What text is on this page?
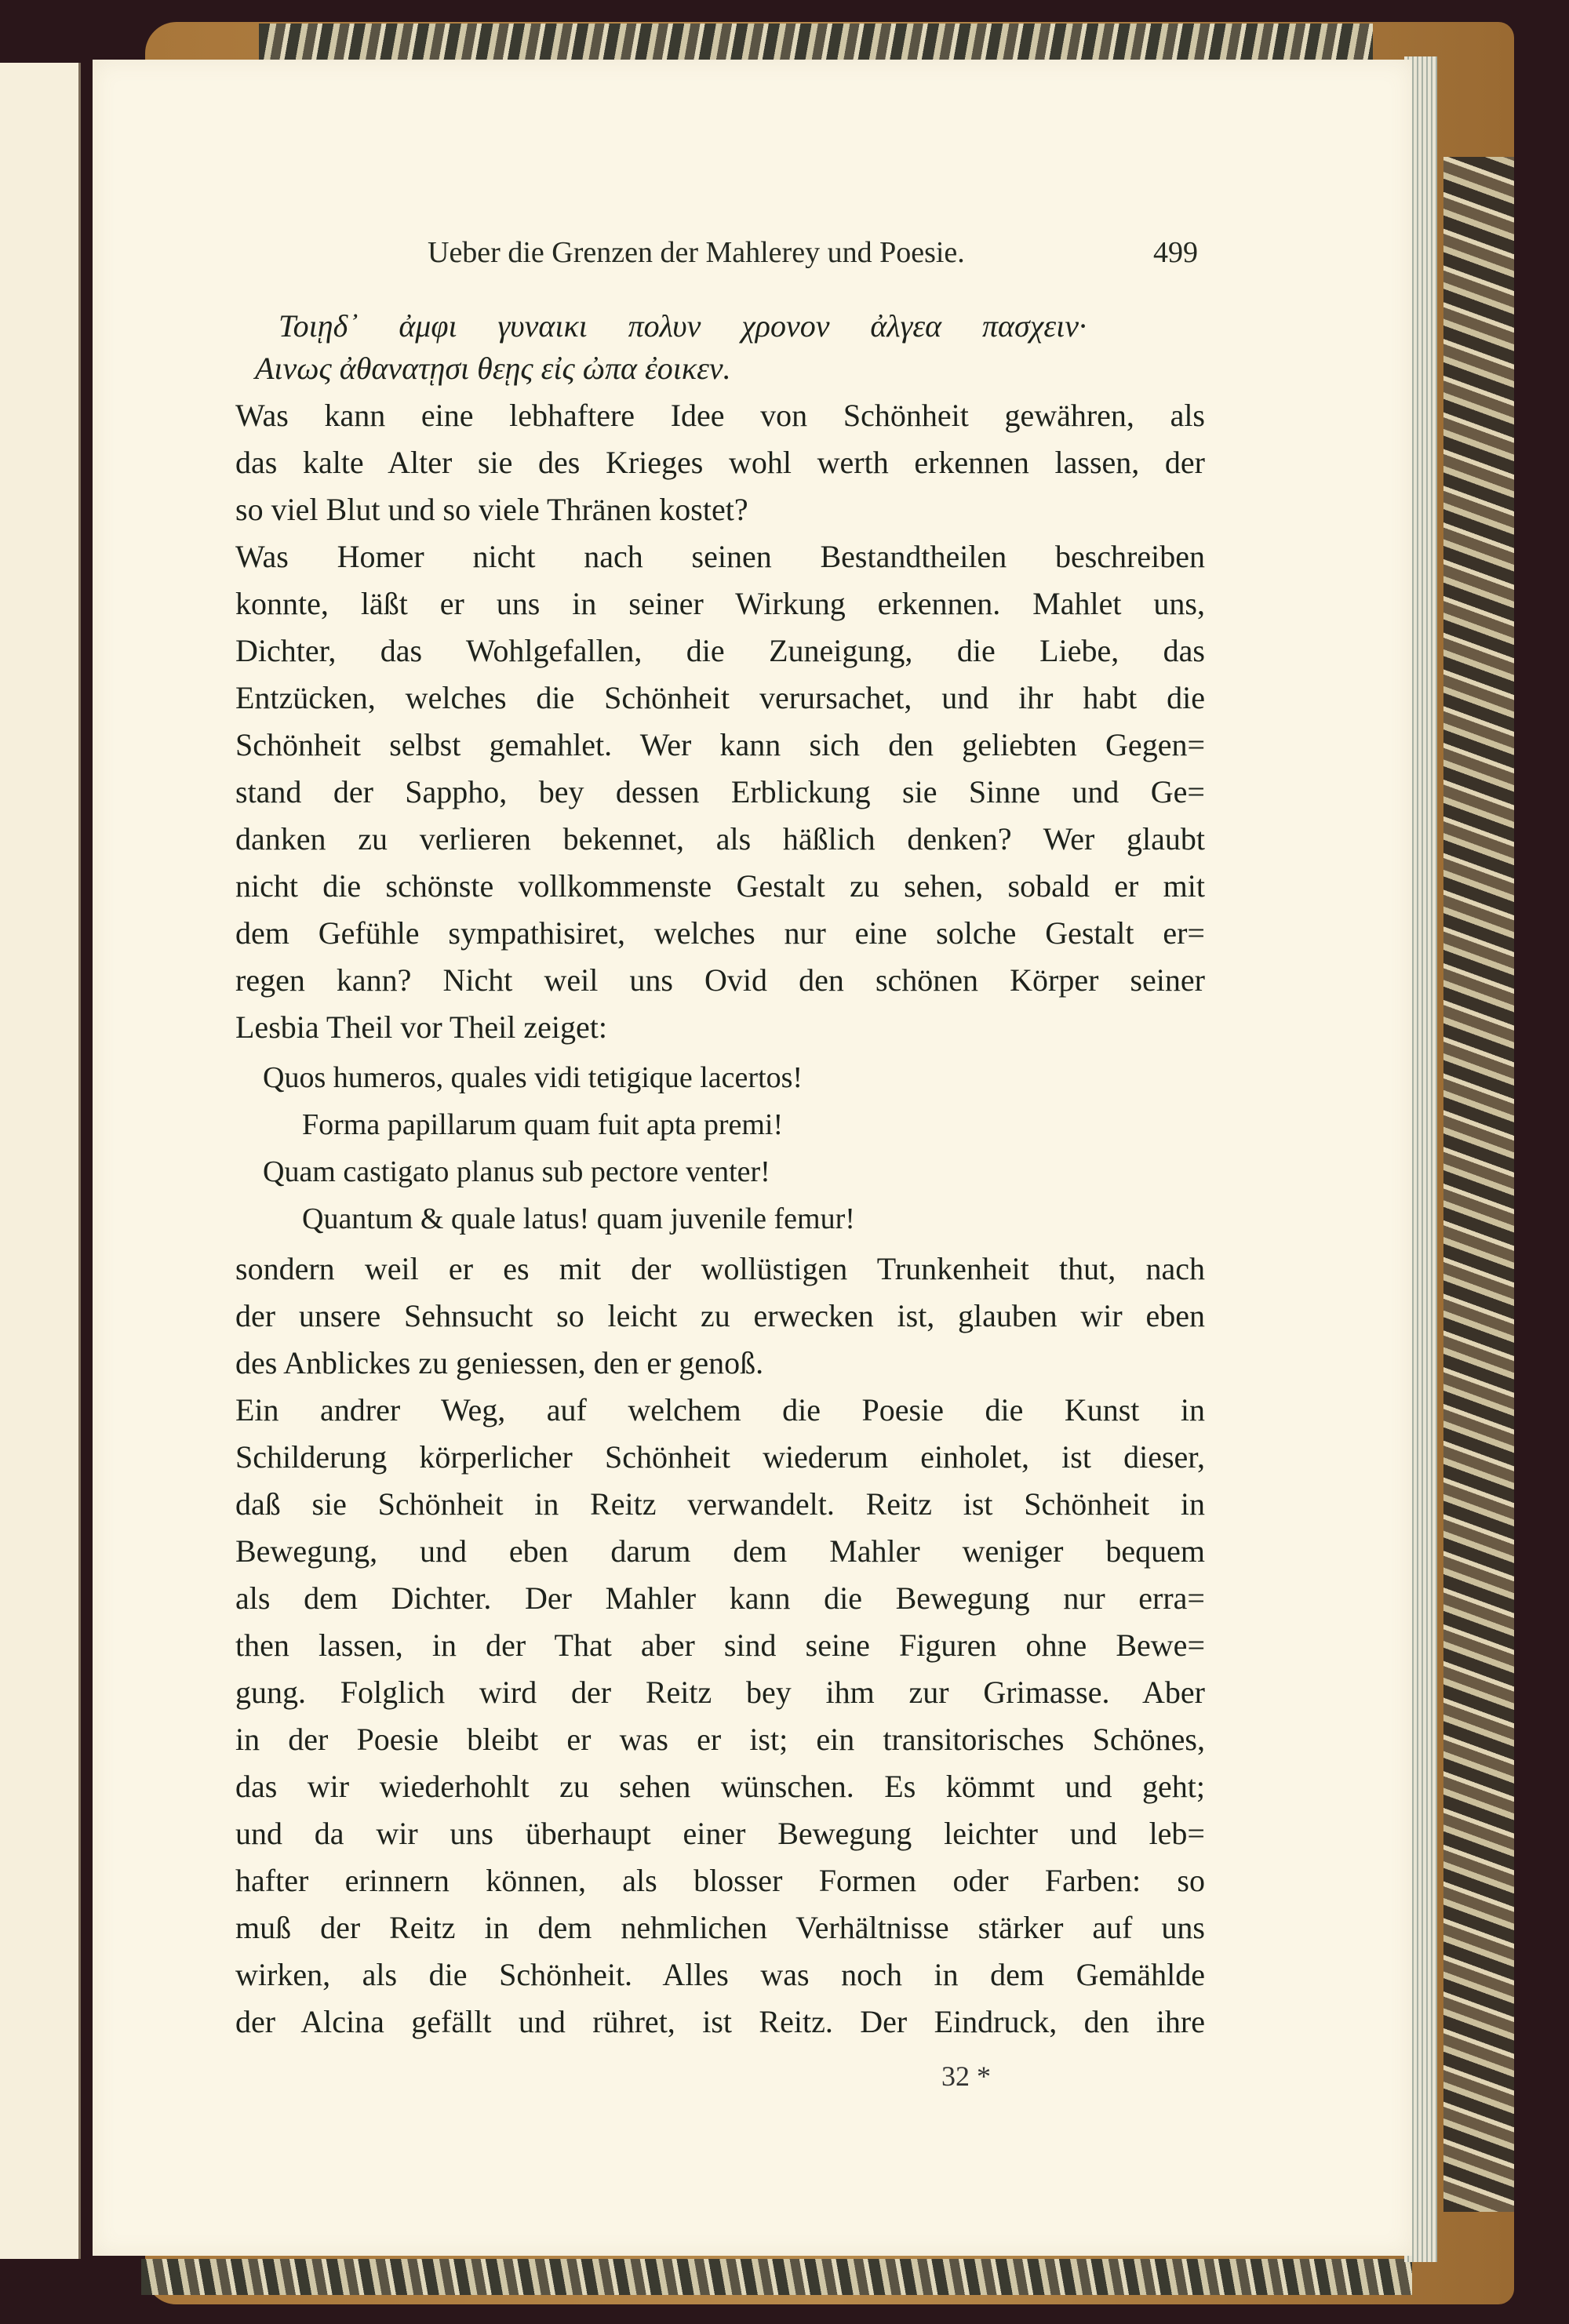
Ueber die Grenzen der Mahlerey und Poesie.	499
Τοιῃδ᾽ ἀμφι γυναικι πολυν χρονον ἀλγεα πασχειν·
Αινως ἀθανατῃσι θεῃς εἰς ὠπα ἐοικεν.
Was kann eine lebhaftere Idee von Schönheit gewähren, als
das kalte Alter sie des Krieges wohl werth erkennen lassen, der
so viel Blut und so viele Thränen kostet?
Was Homer nicht nach seinen Bestandtheilen beschreiben
konnte, läßt er uns in seiner Wirkung erkennen. Mahlet uns,
Dichter, das Wohlgefallen, die Zuneigung, die Liebe, das
Entzücken, welches die Schönheit verursachet, und ihr habt die
Schönheit selbst gemahlet. Wer kann sich den geliebten Gegen=
stand der Sappho, bey dessen Erblickung sie Sinne und Ge=
danken zu verlieren bekennet, als häßlich denken? Wer glaubt
nicht die schönste vollkommenste Gestalt zu sehen, sobald er mit
dem Gefühle sympathisiret, welches nur eine solche Gestalt er=
regen kann? Nicht weil uns Ovid den schönen Körper seiner
Lesbia Theil vor Theil zeiget:
Quos humeros, quales vidi tetigique lacertos!
Forma papillarum quam fuit apta premi!
Quam castigato planus sub pectore venter!
Quantum & quale latus! quam juvenile femur!
sondern weil er es mit der wollüstigen Trunkenheit thut, nach
der unsere Sehnsucht so leicht zu erwecken ist, glauben wir eben
des Anblickes zu geniessen, den er genoß.
Ein andrer Weg, auf welchem die Poesie die Kunst in
Schilderung körperlicher Schönheit wiederum einholet, ist dieser,
daß sie Schönheit in Reitz verwandelt. Reitz ist Schönheit in
Bewegung, und eben darum dem Mahler weniger bequem
als dem Dichter. Der Mahler kann die Bewegung nur erra=
then lassen, in der That aber sind seine Figuren ohne Bewe=
gung. Folglich wird der Reitz bey ihm zur Grimasse. Aber
in der Poesie bleibt er was er ist; ein transitorisches Schönes,
das wir wiederhohlt zu sehen wünschen. Es kömmt und geht;
und da wir uns überhaupt einer Bewegung leichter und leb=
hafter erinnern können, als blosser Formen oder Farben: so
muß der Reitz in dem nehmlichen Verhältnisse stärker auf uns
wirken, als die Schönheit. Alles was noch in dem Gemählde
der Alcina gefällt und rühret, ist Reitz. Der Eindruck, den ihre
32 *
